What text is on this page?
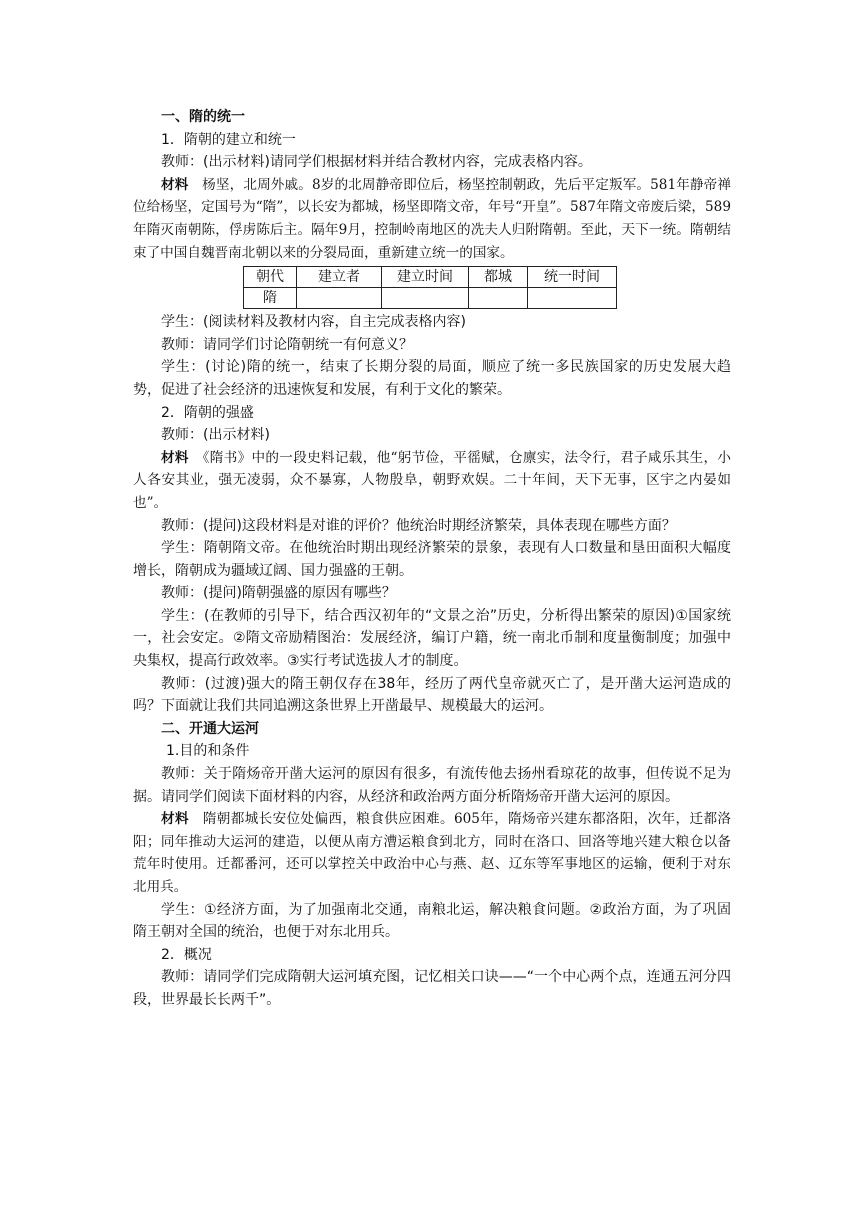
一、隋的统一

1．隋朝的建立和统一

教师：(出示材料)请同学们根据材料并结合教材内容，完成表格内容。

材料　杨坚，北周外戚。8岁的北周静帝即位后，杨坚控制朝政，先后平定叛军。581年静帝禅位给杨坚，定国号为“隋”，以长安为都城，杨坚即隋文帝，年号“开皇”。587年隋文帝废后梁，589年隋灭南朝陈，俘虏陈后主。隔年9月，控制岭南地区的冼夫人归附隋朝。至此，天下一统。隋朝结束了中国自魏晋南北朝以来的分裂局面，重新建立统一的国家。

朝代	建立者	建立时间	都城	统一时间
隋				

学生：(阅读材料及教材内容，自主完成表格内容)

教师：请同学们讨论隋朝统一有何意义？

学生：(讨论)隋的统一，结束了长期分裂的局面，顺应了统一多民族国家的历史发展大趋势，促进了社会经济的迅速恢复和发展，有利于文化的繁荣。

2．隋朝的强盛

教师：(出示材料)

材料　《隋书》中的一段史料记载，他“躬节俭，平徭赋，仓廪实，法令行，君子咸乐其生，小人各安其业，强无凌弱，众不暴寡，人物殷阜，朝野欢娱。二十年间，天下无事，区宇之内晏如也”。

教师：(提问)这段材料是对谁的评价？他统治时期经济繁荣，具体表现在哪些方面？

学生：隋朝隋文帝。在他统治时期出现经济繁荣的景象，表现有人口数量和垦田面积大幅度增长，隋朝成为疆域辽阔、国力强盛的王朝。

教师：(提问)隋朝强盛的原因有哪些？

学生：(在教师的引导下，结合西汉初年的“文景之治”历史，分析得出繁荣的原因)①国家统一，社会安定。②隋文帝励精图治：发展经济，编订户籍，统一南北币制和度量衡制度；加强中央集权，提高行政效率。③实行考试选拔人才的制度。

教师：(过渡)强大的隋王朝仅存在38年，经历了两代皇帝就灭亡了，是开凿大运河造成的吗？下面就让我们共同追溯这条世界上开凿最早、规模最大的运河。

二、开通大运河

1.目的和条件

教师：关于隋炀帝开凿大运河的原因有很多，有流传他去扬州看琼花的故事，但传说不足为据。请同学们阅读下面材料的内容，从经济和政治两方面分析隋炀帝开凿大运河的原因。

材料　隋朝都城长安位处偏西，粮食供应困难。605年，隋炀帝兴建东都洛阳，次年，迁都洛阳；同年推动大运河的建造，以便从南方漕运粮食到北方，同时在洛口、回洛等地兴建大粮仓以备荒年时使用。迁都番河，还可以掌控关中政治中心与燕、赵、辽东等军事地区的运输，便利于对东北用兵。

学生：①经济方面，为了加强南北交通，南粮北运，解决粮食问题。②政治方面，为了巩固隋王朝对全国的统治，也便于对东北用兵。

2．概况

教师：请同学们完成隋朝大运河填充图，记忆相关口诀——“一个中心两个点，连通五河分四段，世界最长长两千”。
